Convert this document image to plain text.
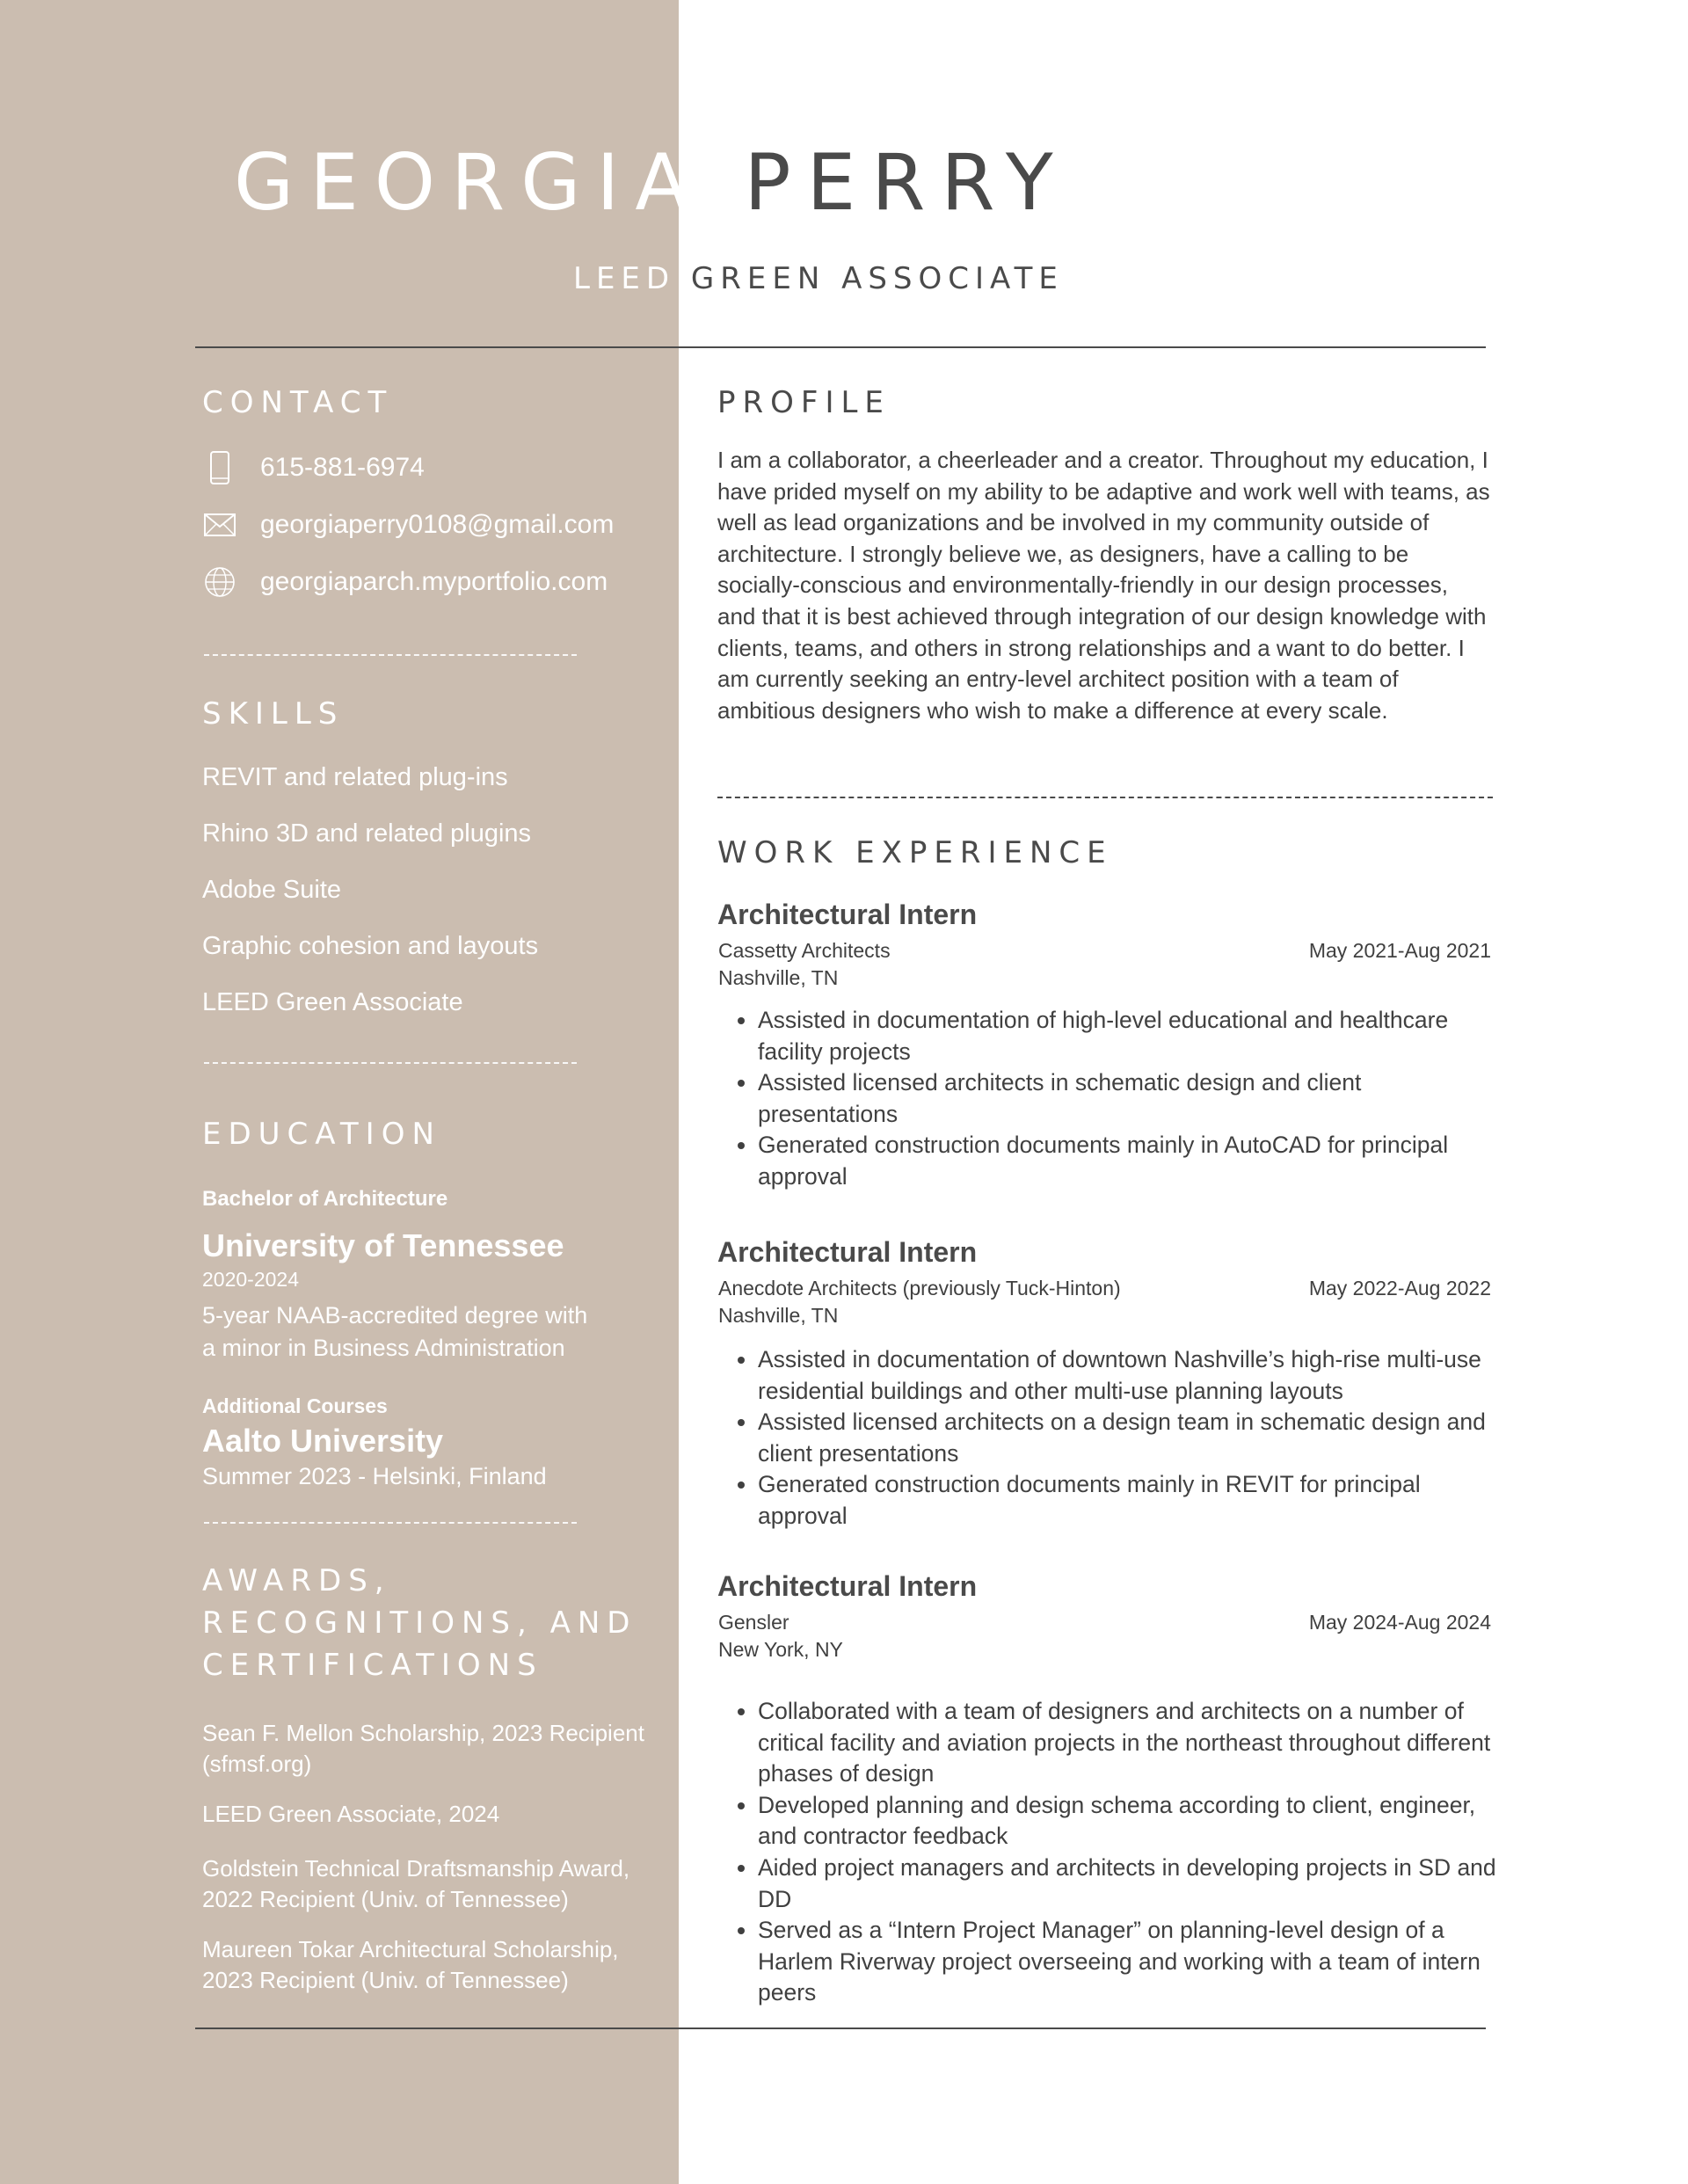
GEORGIA PERRY
LEED GREEN ASSOCIATE
CONTACT
615-881-6974
georgiaperry0108@gmail.com
georgiaparch.myportfolio.com
SKILLS
REVIT and related plug-ins
Rhino 3D and related plugins
Adobe Suite
Graphic cohesion and layouts
LEED Green Associate
EDUCATION
Bachelor of Architecture
University of Tennessee
2020-2024
5-year NAAB-accredited degree with a minor in Business Administration
Additional Courses
Aalto University
Summer 2023 - Helsinki, Finland
AWARDS, RECOGNITIONS, AND CERTIFICATIONS
Sean F. Mellon Scholarship, 2023 Recipient (sfmsf.org)
LEED Green Associate, 2024
Goldstein Technical Draftsmanship Award, 2022 Recipient (Univ. of Tennessee)
Maureen Tokar Architectural Scholarship, 2023 Recipient (Univ. of Tennessee)
PROFILE
I am a collaborator, a cheerleader and a creator. Throughout my education, I have prided myself on my ability to be adaptive and work well with teams, as well as lead organizations and be involved in my community outside of architecture. I strongly believe we, as designers, have a calling to be socially-conscious and environmentally-friendly in our design processes, and that it is best achieved through integration of our design knowledge with clients, teams, and others in strong relationships and a want to do better. I am currently seeking an entry-level architect position with a team of ambitious designers who wish to make a difference at every scale.
WORK EXPERIENCE
Architectural Intern
Cassetty Architects	May 2021-Aug 2021
Nashville, TN
• Assisted in documentation of high-level educational and healthcare facility projects
• Assisted licensed architects in schematic design and client presentations
• Generated construction documents mainly in AutoCAD for principal approval
Architectural Intern
Anecdote Architects (previously Tuck-Hinton)	May 2022-Aug 2022
Nashville, TN
• Assisted in documentation of downtown Nashville’s high-rise multi-use residential buildings and other multi-use planning layouts
• Assisted licensed architects on a design team in schematic design and client presentations
• Generated construction documents mainly in REVIT for principal approval
Architectural Intern
Gensler	May 2024-Aug 2024
New York, NY
• Collaborated with a team of designers and architects on a number of critical facility and aviation projects in the northeast throughout different phases of design
• Developed planning and design schema according to client, engineer, and contractor feedback
• Aided project managers and architects in developing projects in SD and DD
• Served as a “Intern Project Manager” on planning-level design of a Harlem Riverway project overseeing and working with a team of intern peers
